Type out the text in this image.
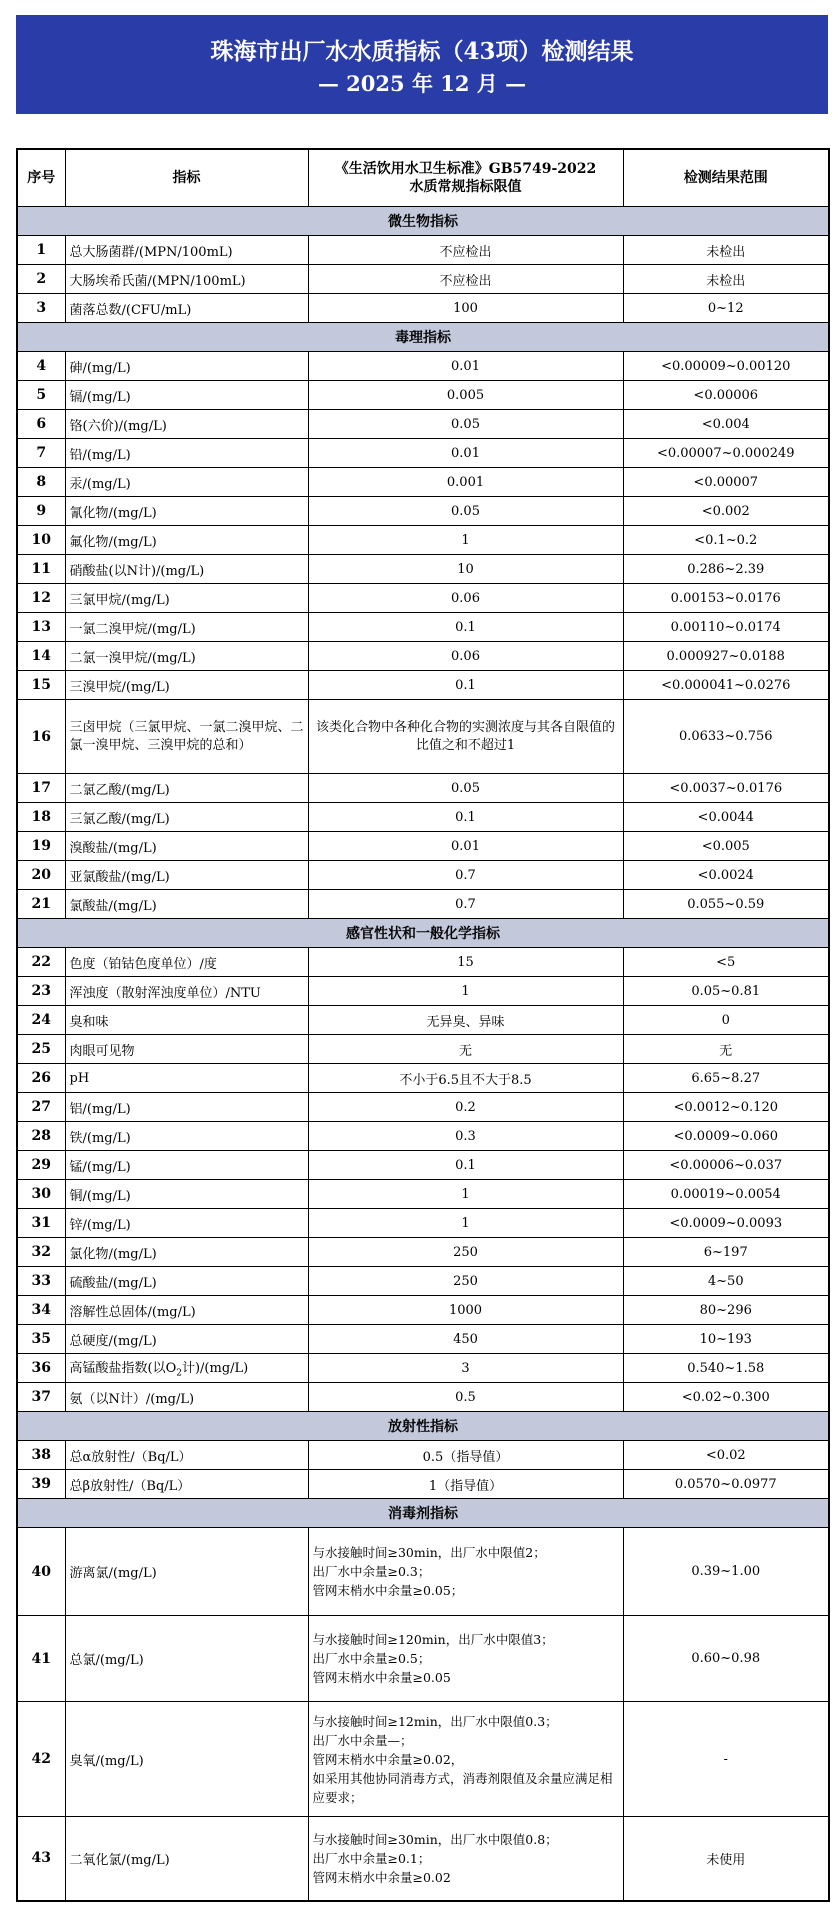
珠海市出厂水水质指标（43项）检测结果
— 2025 年 12 月 —
序号	指标	《生活饮用水卫生标准》GB5749-2022
水质常规指标限值	检测结果范围
微生物指标			
1	总大肠菌群/(MPN/100mL)	不应检出	未检出
2	大肠埃希氏菌/(MPN/100mL)	不应检出	未检出
3	菌落总数/(CFU/mL)	100	0~12
毒理指标			
4	砷/(mg/L)	0.01	<0.00009~0.00120
5	镉/(mg/L)	0.005	<0.00006
6	铬(六价)/(mg/L)	0.05	<0.004
7	铅/(mg/L)	0.01	<0.00007~0.000249
8	汞/(mg/L)	0.001	<0.00007
9	氰化物/(mg/L)	0.05	<0.002
10	氟化物/(mg/L)	1	<0.1~0.2
11	硝酸盐(以N计)/(mg/L)	10	0.286~2.39
12	三氯甲烷/(mg/L)	0.06	0.00153~0.0176
13	一氯二溴甲烷/(mg/L)	0.1	0.00110~0.0174
14	二氯一溴甲烷/(mg/L)	0.06	0.000927~0.0188
15	三溴甲烷/(mg/L)	0.1	<0.000041~0.0276
16	三卤甲烷（三氯甲烷、一氯二溴甲烷、二氯一溴甲烷、三溴甲烷的总和）	该类化合物中各种化合物的实测浓度与其各自限值的比值之和不超过1	0.0633~0.756
17	二氯乙酸/(mg/L)	0.05	<0.0037~0.0176
18	三氯乙酸/(mg/L)	0.1	<0.0044
19	溴酸盐/(mg/L)	0.01	<0.005
20	亚氯酸盐/(mg/L)	0.7	<0.0024
21	氯酸盐/(mg/L)	0.7	0.055~0.59
感官性状和一般化学指标			
22	色度（铂钴色度单位）/度	15	<5
23	浑浊度（散射浑浊度单位）/NTU	1	0.05~0.81
24	臭和味	无异臭、异味	0
25	肉眼可见物	无	无
26	pH	不小于6.5且不大于8.5	6.65~8.27
27	铝/(mg/L)	0.2	<0.0012~0.120
28	铁/(mg/L)	0.3	<0.0009~0.060
29	锰/(mg/L)	0.1	<0.00006~0.037
30	铜/(mg/L)	1	0.00019~0.0054
31	锌/(mg/L)	1	<0.0009~0.0093
32	氯化物/(mg/L)	250	6~197
33	硫酸盐/(mg/L)	250	4~50
34	溶解性总固体/(mg/L)	1000	80~296
35	总硬度/(mg/L)	450	10~193
36	高锰酸盐指数(以$O_2$计)/(mg/L)	3	0.540~1.58
37	氨（以N计）/(mg/L)	0.5	<0.02~0.300
放射性指标			
38	总α放射性/（Bq/L）	0.5（指导值）	<0.02
39	总β放射性/（Bq/L）	1（指导值）	0.0570~0.0977
消毒剂指标			
40	游离氯/(mg/L)	与水接触时间≥30min，出厂水中限值2；
出厂水中余量≥0.3；
管网末梢水中余量≥0.05；	0.39~1.00
41	总氯/(mg/L)	与水接触时间≥120min，出厂水中限值3；
出厂水中余量≥0.5；
管网末梢水中余量≥0.05	0.60~0.98
42	臭氧/(mg/L)	与水接触时间≥12min，出厂水中限值0.3；
出厂水中余量—；
管网末梢水中余量≥0.02，
如采用其他协同消毒方式，消毒剂限值及余量应满足相应要求；	-
43	二氧化氯/(mg/L)	与水接触时间≥30min，出厂水中限值0.8；
出厂水中余量≥0.1；
管网末梢水中余量≥0.02	未使用
